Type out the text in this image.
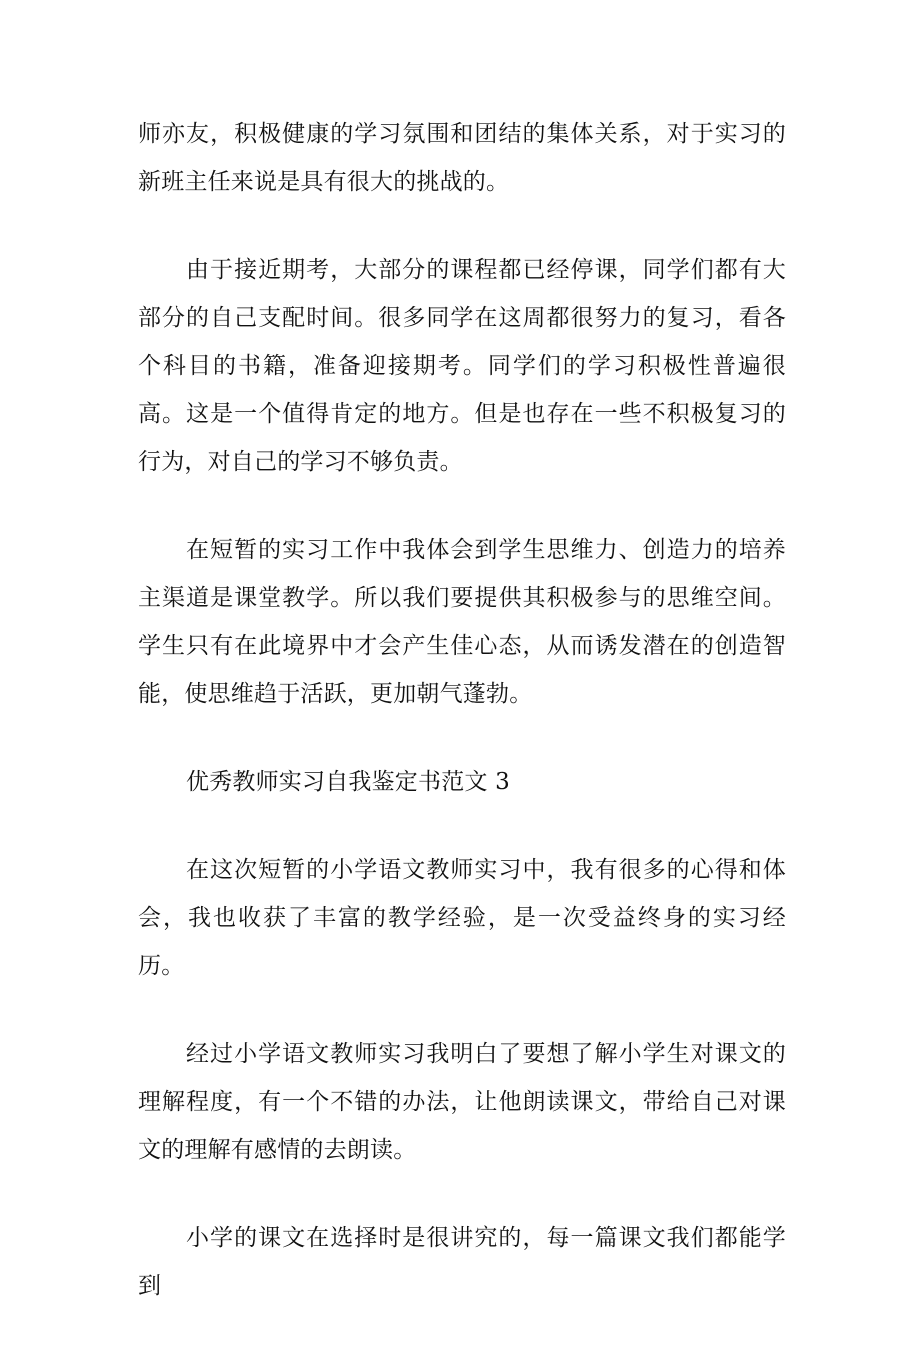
师亦友，积极健康的学习氛围和团结的集体关系，对于实习的新班主任来说是具有很大的挑战的。

由于接近期考，大部分的课程都已经停课，同学们都有大部分的自己支配时间。很多同学在这周都很努力的复习，看各个科目的书籍，准备迎接期考。同学们的学习积极性普遍很高。这是一个值得肯定的地方。但是也存在一些不积极复习的行为，对自己的学习不够负责。

在短暂的实习工作中我体会到学生思维力、创造力的培养主渠道是课堂教学。所以我们要提供其积极参与的思维空间。学生只有在此境界中才会产生佳心态，从而诱发潜在的创造智能，使思维趋于活跃，更加朝气蓬勃。

优秀教师实习自我鉴定书范文 3

在这次短暂的小学语文教师实习中，我有很多的心得和体会，我也收获了丰富的教学经验，是一次受益终身的实习经历。

经过小学语文教师实习我明白了要想了解小学生对课文的理解程度，有一个不错的办法，让他朗读课文，带给自己对课文的理解有感情的去朗读。

小学的课文在选择时是很讲究的，每一篇课文我们都能学到
